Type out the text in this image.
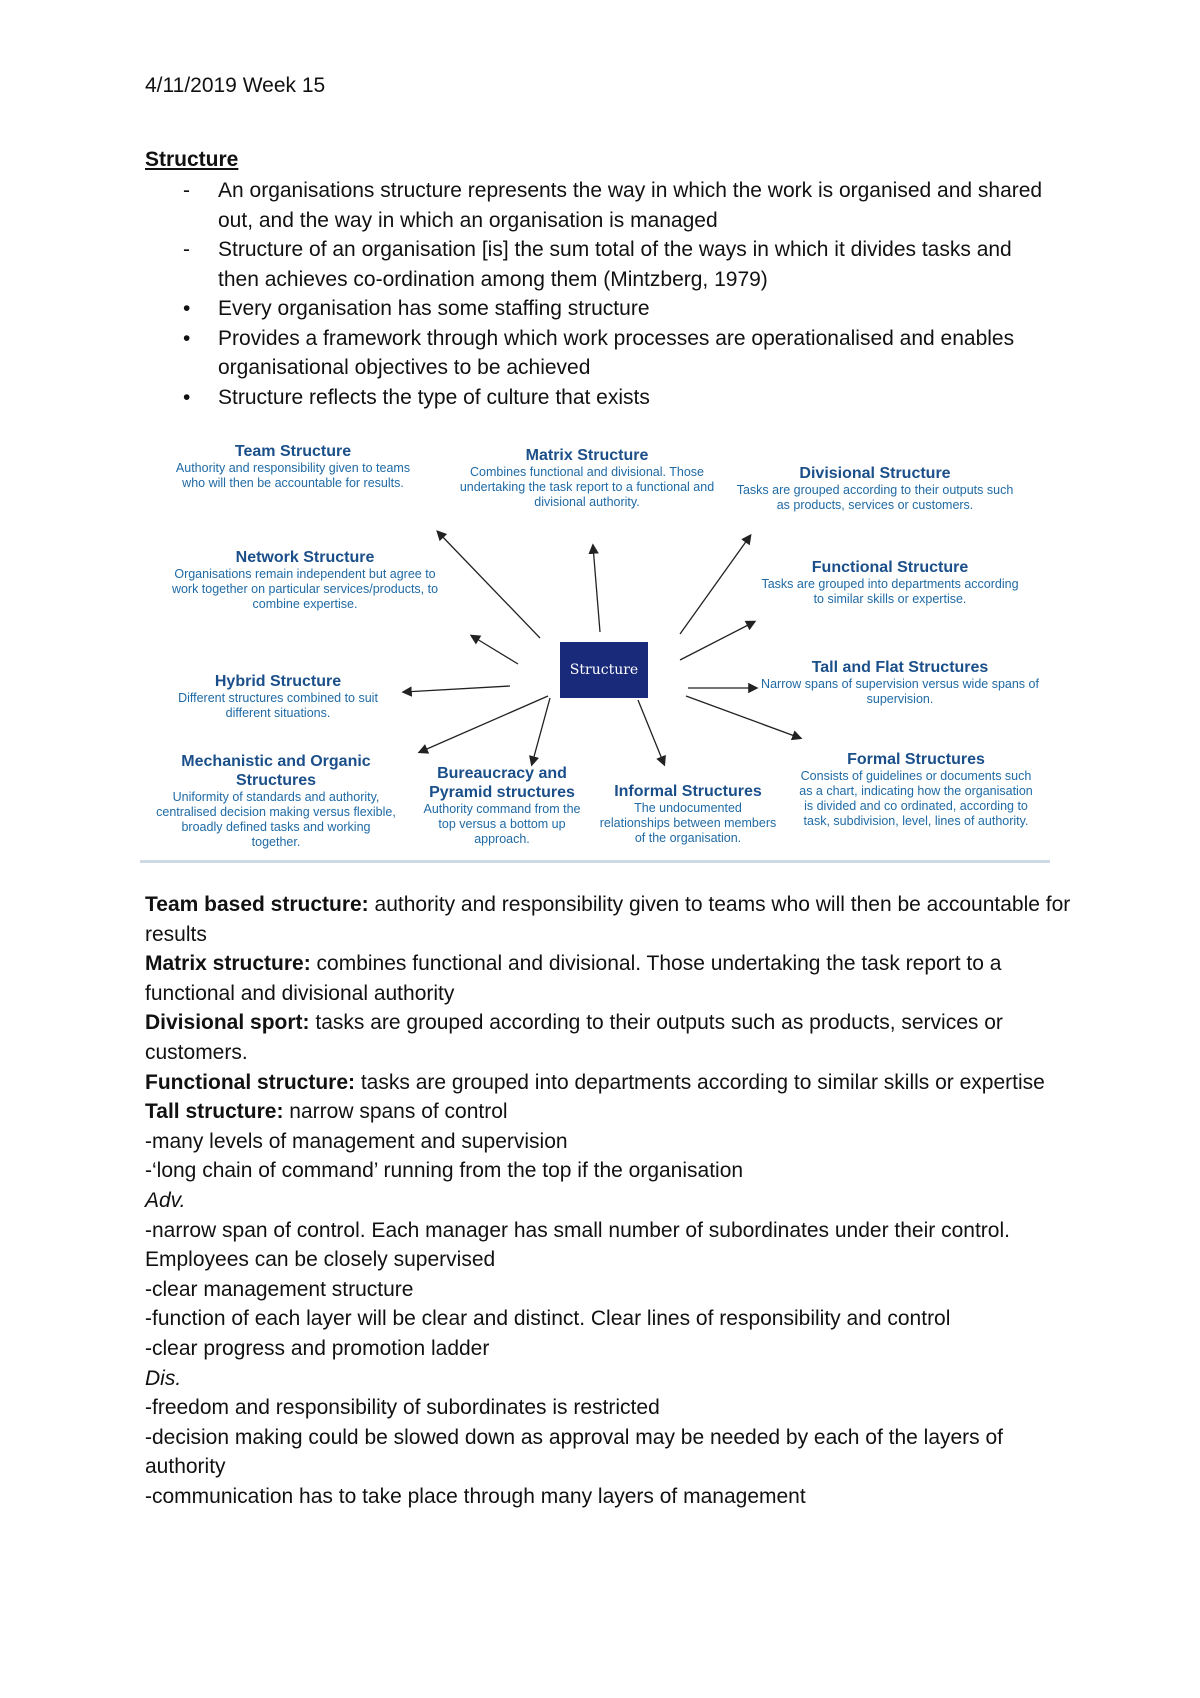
4/11/2019 Week 15
Structure
-	An organisations structure represents the way in which the work is organised and shared out, and the way in which an organisation is managed
-	Structure of an organisation [is] the sum total of the ways in which it divides tasks and then achieves co-ordination among them (Mintzberg, 1979)
•	Every organisation has some staffing structure
•	Provides a framework through which work processes are operationalised and enables organisational objectives to be achieved
•	Structure reflects the type of culture that exists
Structure
Team Structure
Authority and responsibility given to teams who will then be accountable for results.
Matrix Structure
Combines functional and divisional. Those undertaking the task report to a functional and divisional authority.
Divisional Structure
Tasks are grouped according to their outputs such as products, services or customers.
Network Structure
Organisations remain independent but agree to work together on particular services/products, to combine expertise.
Functional Structure
Tasks are grouped into departments according to similar skills or expertise.
Hybrid Structure
Different structures combined to suit different situations.
Tall and Flat Structures
Narrow spans of supervision versus wide spans of supervision.
Mechanistic and Organic Structures
Uniformity of standards and authority, centralised decision making versus flexible, broadly defined tasks and working together.
Bureaucracy and Pyramid structures
Authority command from the top versus a bottom up approach.
Informal Structures
The undocumented relationships between members of the organisation.
Formal Structures
Consists of guidelines or documents such as a chart, indicating how the organisation is divided and co ordinated, according to task, subdivision, level, lines of authority.

Team based structure: authority and responsibility given to teams who will then be accountable for results

Matrix structure: combines functional and divisional. Those undertaking the task report to a functional and divisional authority

Divisional sport: tasks are grouped according to their outputs such as products, services or customers.

Functional structure: tasks are grouped into departments according to similar skills or expertise

Tall structure: narrow spans of control

-many levels of management and supervision

-‘long chain of command’ running from the top if the organisation

Adv.

-narrow span of control. Each manager has small number of subordinates under their control. Employees can be closely supervised

-clear management structure

-function of each layer will be clear and distinct. Clear lines of responsibility and control

-clear progress and promotion ladder

Dis.

-freedom and responsibility of subordinates is restricted

-decision making could be slowed down as approval may be needed by each of the layers of authority

-communication has to take place through many layers of management
